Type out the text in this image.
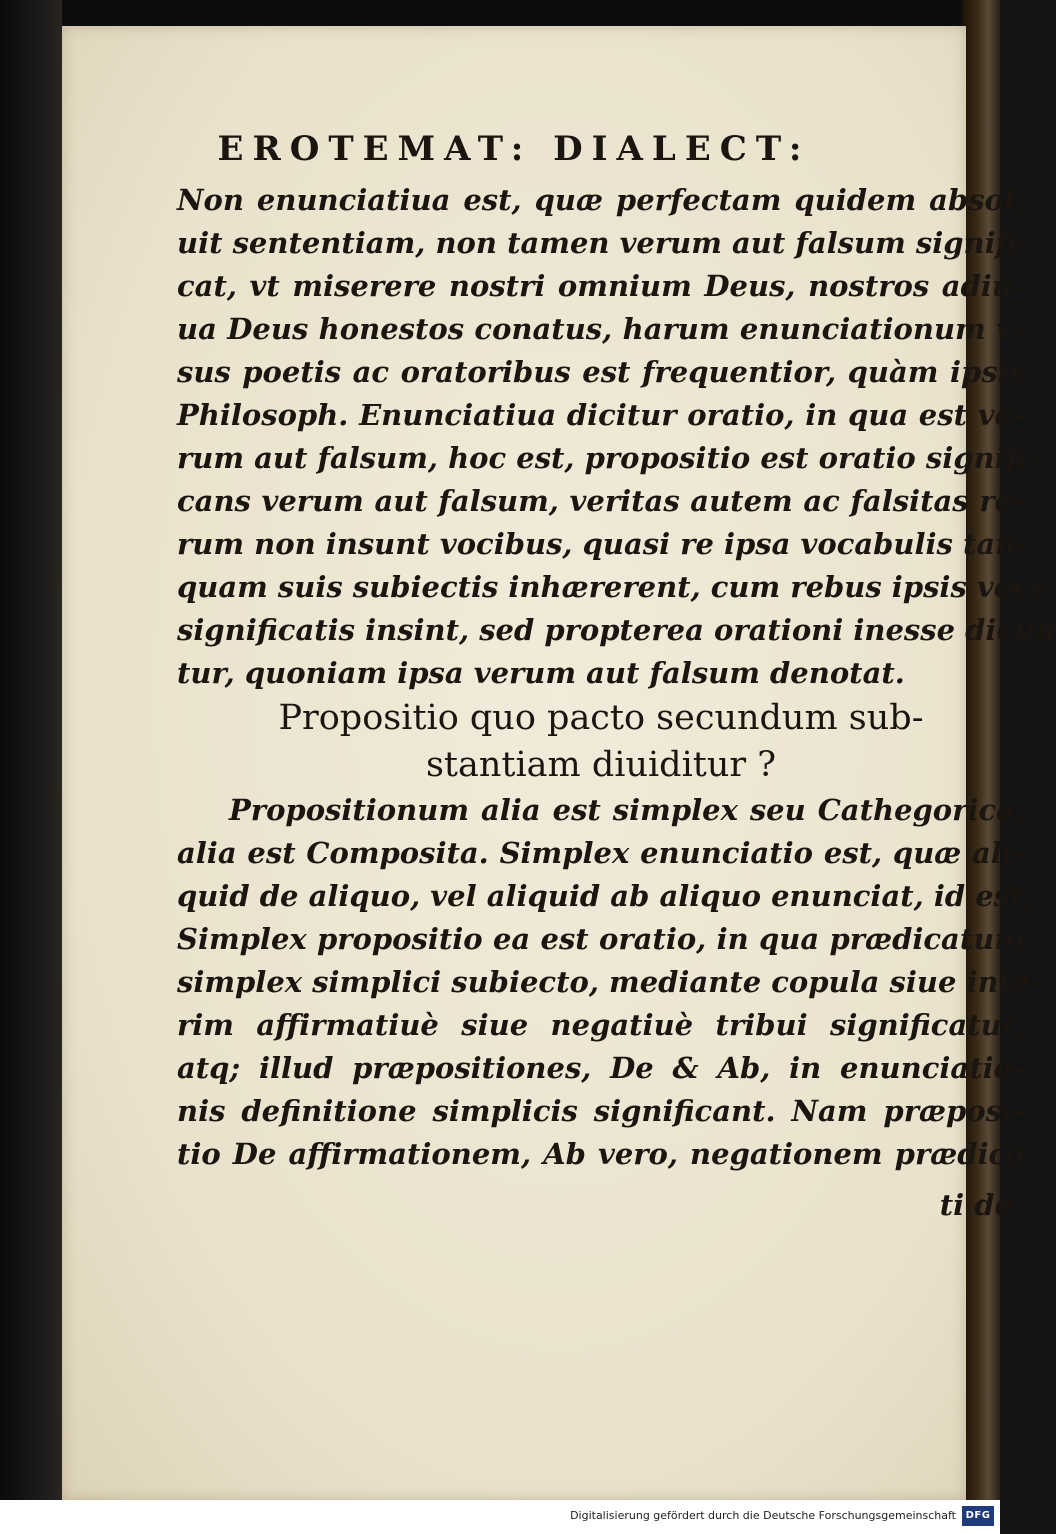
EROTEMAT: DIALECT:
Non enunciatiua est, quæ perfectam quidem absol,
uit sententiam, non tamen verum aut falsum signifi-
cat, vt miserere nostri omnium Deus, nostros adiu-
ua Deus honestos conatus, harum enunciationum v-
sus poetis ac oratoribus est frequentior, quàm ipsis
Philosoph. Enunciatiua dicitur oratio, in qua est ve-
rum aut falsum, hoc est, propositio est oratio signifi-
cans verum aut falsum, veritas autem ac falsitas re-
rum non insunt vocibus, quasi re ipsa vocabulis tan-
quam suis subiectis inhærerent, cum rebus ipsis voce
significatis insint, sed propterea orationi inesse dicun
tur, quoniam ipsa verum aut falsum denotat.
Propositio quo pacto secundum sub-
stantiam diuiditur ?
Propositionum alia est simplex seu Cathegorica,
alia est Composita. Simplex enunciatio est, quæ ali-
quid de aliquo, vel aliquid ab aliquo enunciat, id est,
Simplex propositio ea est oratio, in qua prædicatum
simplex simplici subiecto, mediante copula siue inte-
rim affirmatiuè siue negatiuè tribui significatur,
atq; illud præpositiones, De & Ab, in enunciatio-
nis definitione simplicis significant. Nam præposi-
tio De affirmationem, Ab vero, negationem prædica
ti de
Digitalisierung gefördert durch die Deutsche Forschungsgemeinschaft DFG
